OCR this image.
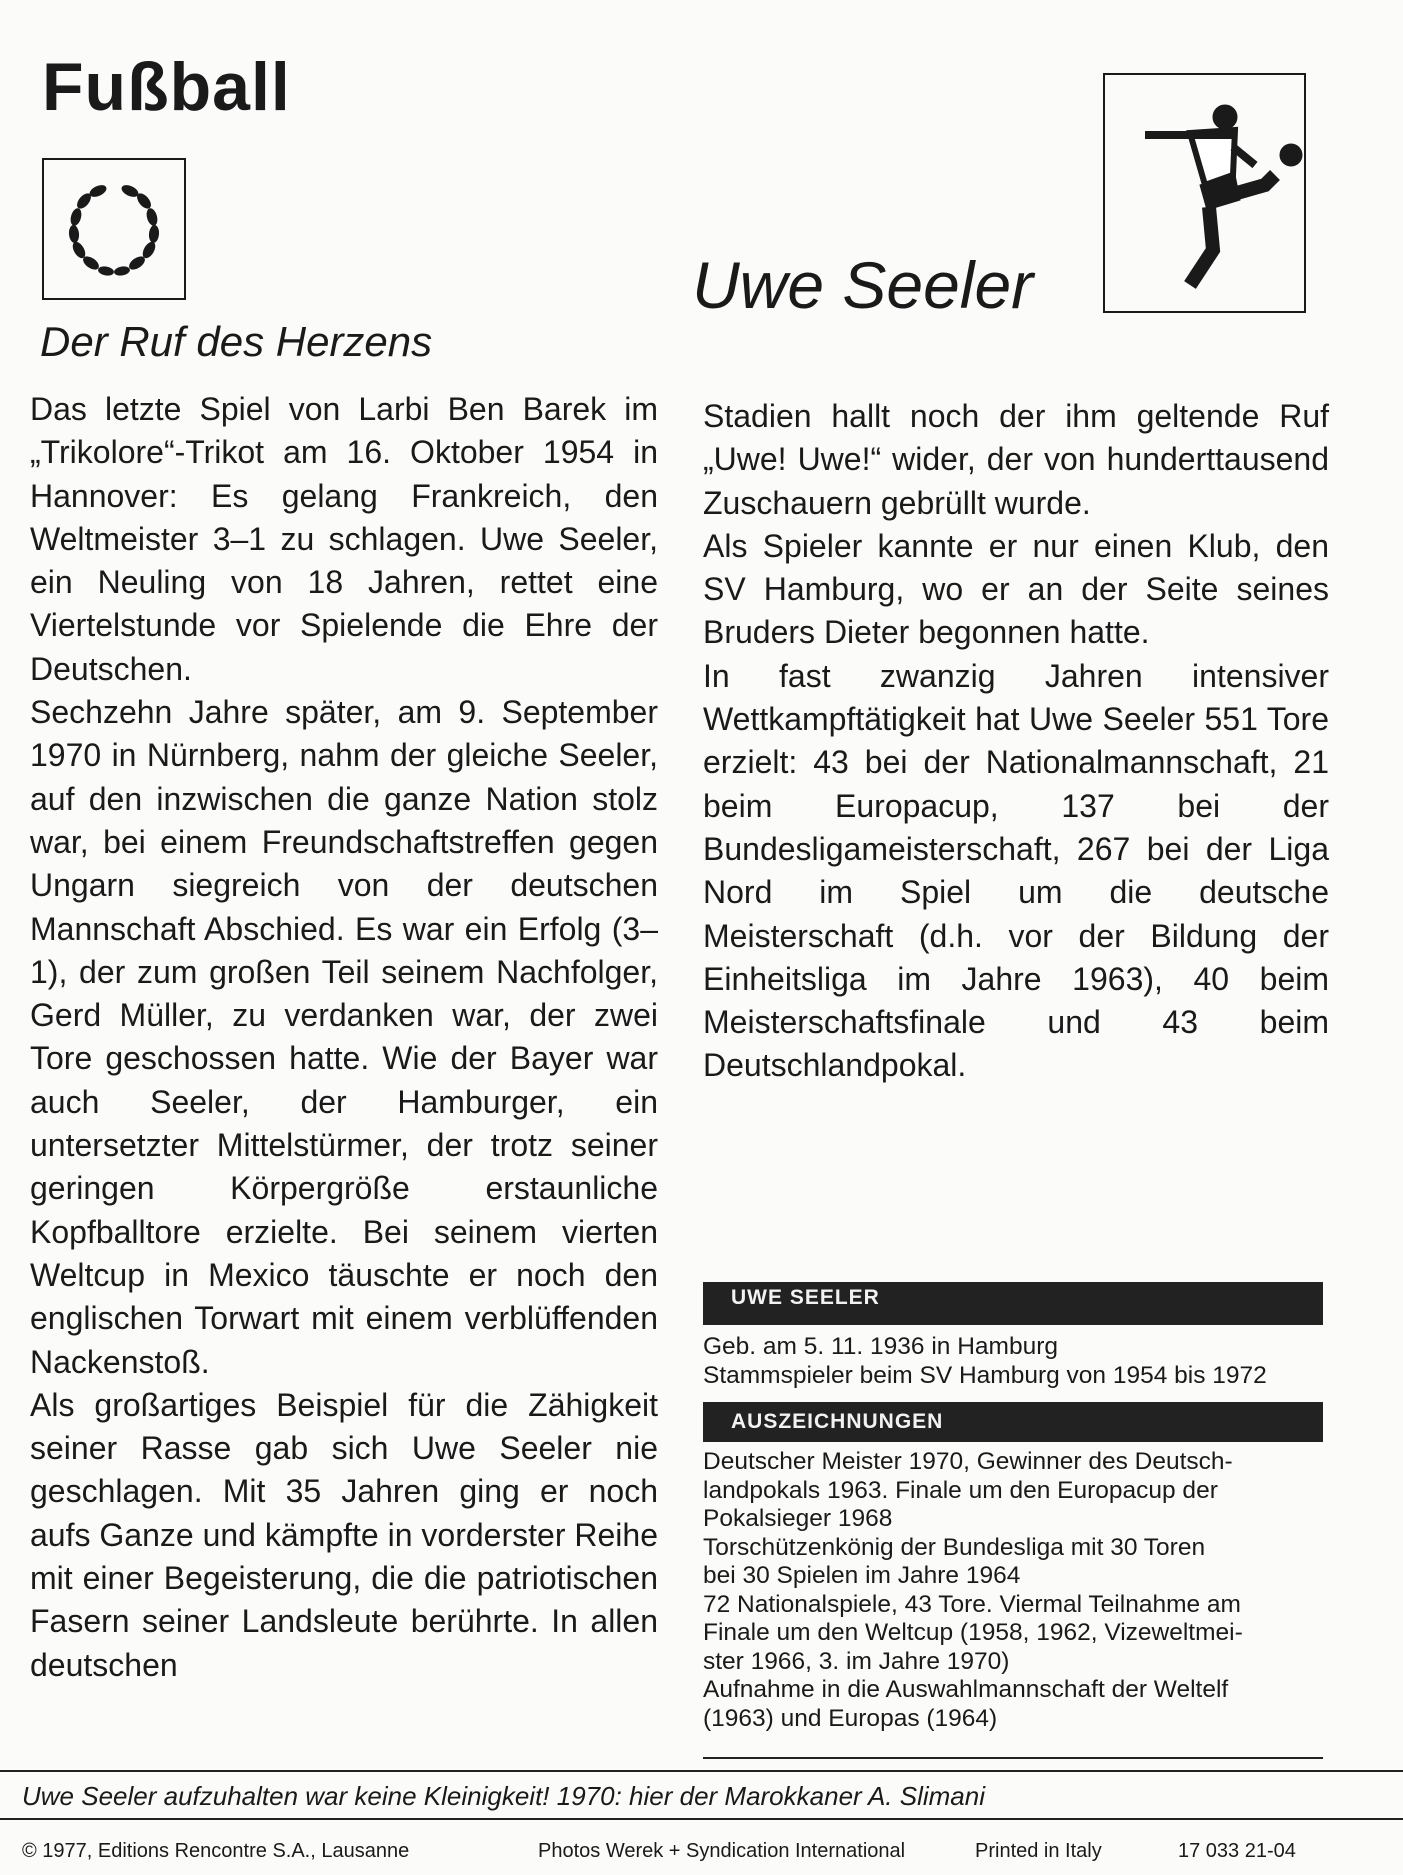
Fußball
Uwe Seeler
Der Ruf des Herzens

Das letzte Spiel von Larbi Ben Barek im „Trikolore“-Trikot am 16. Oktober 1954 in Hannover: Es gelang Frankreich, den Weltmeister 3–1 zu schlagen. Uwe Seeler, ein Neuling von 18 Jahren, rettet eine Viertelstunde vor Spielende die Ehre der Deutschen.

Sechzehn Jahre später, am 9. September 1970 in Nürnberg, nahm der gleiche Seeler, auf den inzwischen die ganze Nation stolz war, bei einem Freundschaftstreffen gegen Ungarn siegreich von der deutschen Mannschaft Abschied. Es war ein Erfolg (3–1), der zum großen Teil seinem Nachfolger, Gerd Müller, zu verdanken war, der zwei Tore geschossen hatte. Wie der Bayer war auch Seeler, der Hamburger, ein untersetzter Mittelstürmer, der trotz seiner geringen Körpergröße erstaunliche Kopfballtore erzielte. Bei seinem vierten Weltcup in Mexico täuschte er noch den englischen Torwart mit einem verblüffenden Nackenstoß.

Als großartiges Beispiel für die Zähigkeit seiner Rasse gab sich Uwe Seeler nie geschlagen. Mit 35 Jahren ging er noch aufs Ganze und kämpfte in vorderster Reihe mit einer Begeisterung, die die patriotischen Fasern seiner Landsleute berührte. In allen deutschen

Stadien hallt noch der ihm geltende Ruf „Uwe! Uwe!“ wider, der von hunderttausend Zuschauern gebrüllt wurde.

Als Spieler kannte er nur einen Klub, den SV Hamburg, wo er an der Seite seines Bruders Dieter begonnen hatte.

In fast zwanzig Jahren intensiver Wettkampftätigkeit hat Uwe Seeler 551 Tore erzielt: 43 bei der Nationalmannschaft, 21 beim Europacup, 137 bei der Bundesligameisterschaft, 267 bei der Liga Nord im Spiel um die deutsche Meisterschaft (d.h. vor der Bildung der Einheitsliga im Jahre 1963), 40 beim Meisterschaftsfinale und 43 beim Deutschlandpokal.

UWE SEELER
Geb. am 5. 11. 1936 in Hamburg
Stammspieler beim SV Hamburg von 1954 bis 1972
AUSZEICHNUNGEN
Deutscher Meister 1970, Gewinner des Deutsch-
landpokals 1963. Finale um den Europacup der
Pokalsieger 1968
Torschützenkönig der Bundesliga mit 30 Toren
bei 30 Spielen im Jahre 1964
72 Nationalspiele, 43 Tore. Viermal Teilnahme am
Finale um den Weltcup (1958, 1962, Vizeweltmei-
ster 1966, 3. im Jahre 1970)
Aufnahme in die Auswahlmannschaft der Weltelf
(1963) und Europas (1964)
Uwe Seeler aufzuhalten war keine Kleinigkeit! 1970: hier der Marokkaner A. Slimani
© 1977, Editions Rencontre S.A., Lausanne	Photos Werek + Syndication International	Printed in Italy	17 033 21-04
